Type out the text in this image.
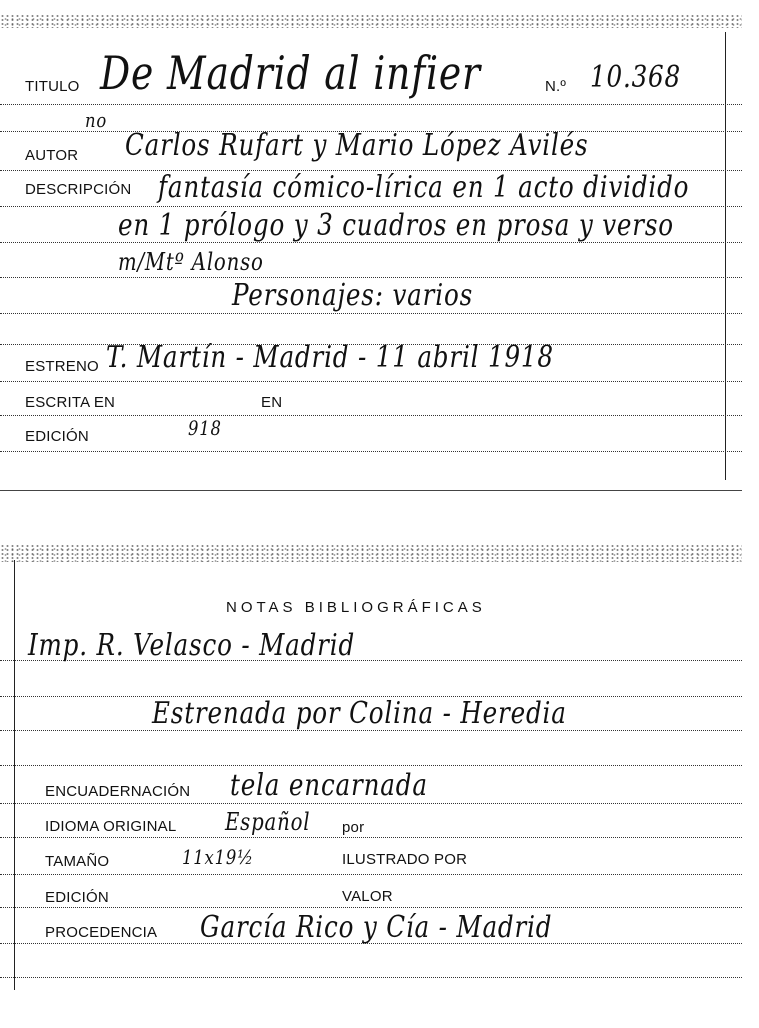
TITULO De Madrid al infier	N.º 10.368
no
AUTOR Carlos Rufart y Mario López Avilés
DESCRIPCIÓN fantasía cómico-lírica en 1 acto dividido
en 1 prólogo y 3 cuadros en prosa y verso
m/Mtº Alonso
Personajes: varios
ESTRENO T. Martín - Madrid - 11 abril 1918
ESCRITA EN	EN
EDICIÓN	918
NOTAS BIBLIOGRÁFICAS
Imp. R. Velasco - Madrid
Estrenada por Colina - Heredia
ENCUADERNACIÓN tela encarnada
IDIOMA ORIGINAL Español por
TAMAÑO	11x19½	ILUSTRADO POR
EDICIÓN	VALOR
PROCEDENCIA García Rico y Cía - Madrid
